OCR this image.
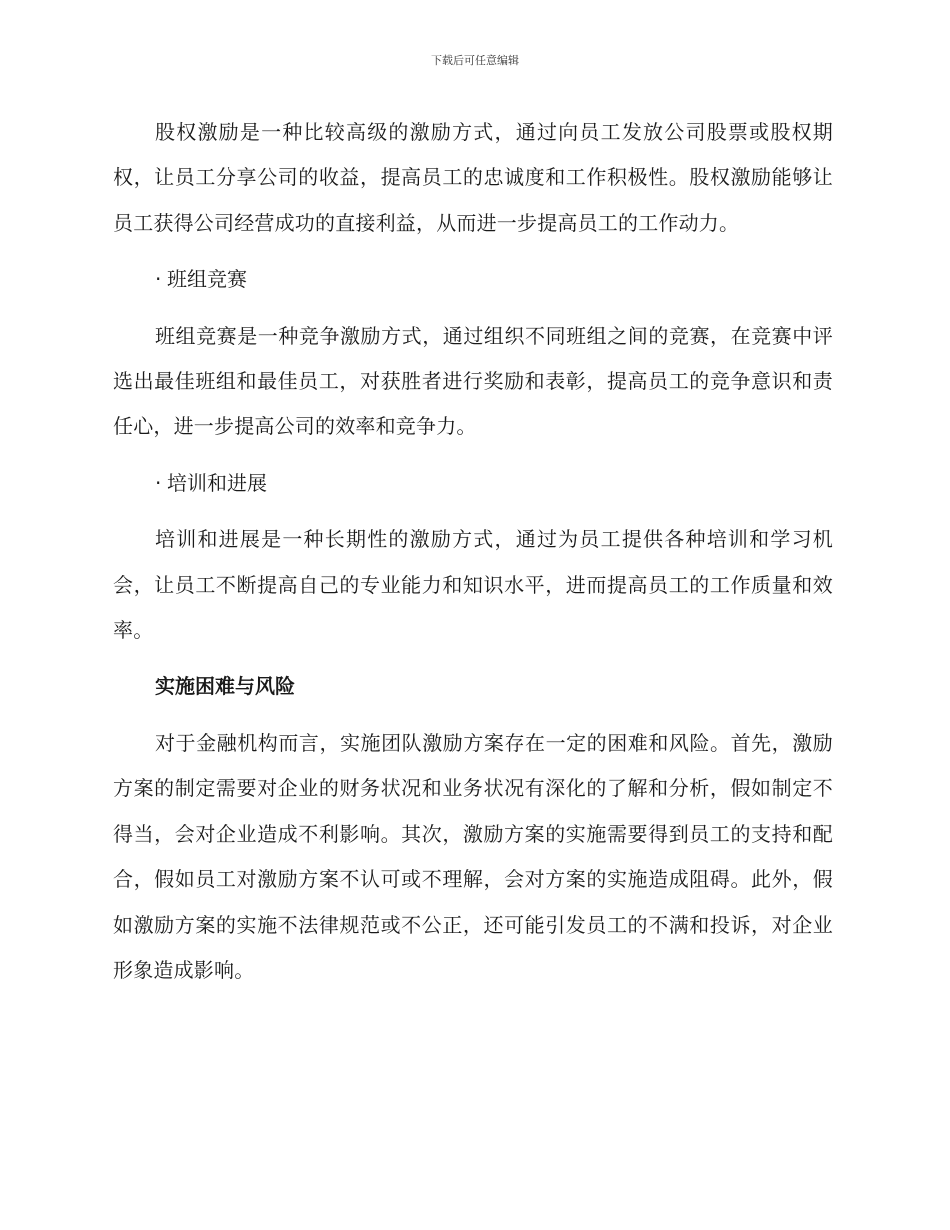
下载后可任意编辑

股权激励是一种比较高级的激励方式，通过向员工发放公司股票或股权期权，让员工分享公司的收益，提高员工的忠诚度和工作积极性。股权激励能够让员工获得公司经营成功的直接利益，从而进一步提高员工的工作动力。

· 班组竞赛

班组竞赛是一种竞争激励方式，通过组织不同班组之间的竞赛，在竞赛中评选出最佳班组和最佳员工，对获胜者进行奖励和表彰，提高员工的竞争意识和责任心，进一步提高公司的效率和竞争力。

· 培训和进展

培训和进展是一种长期性的激励方式，通过为员工提供各种培训和学习机会，让员工不断提高自己的专业能力和知识水平，进而提高员工的工作质量和效率。

实施困难与风险

对于金融机构而言，实施团队激励方案存在一定的困难和风险。首先，激励方案的制定需要对企业的财务状况和业务状况有深化的了解和分析，假如制定不得当，会对企业造成不利影响。其次，激励方案的实施需要得到员工的支持和配合，假如员工对激励方案不认可或不理解，会对方案的实施造成阻碍。此外，假如激励方案的实施不法律规范或不公正，还可能引发员工的不满和投诉，对企业形象造成影响。
